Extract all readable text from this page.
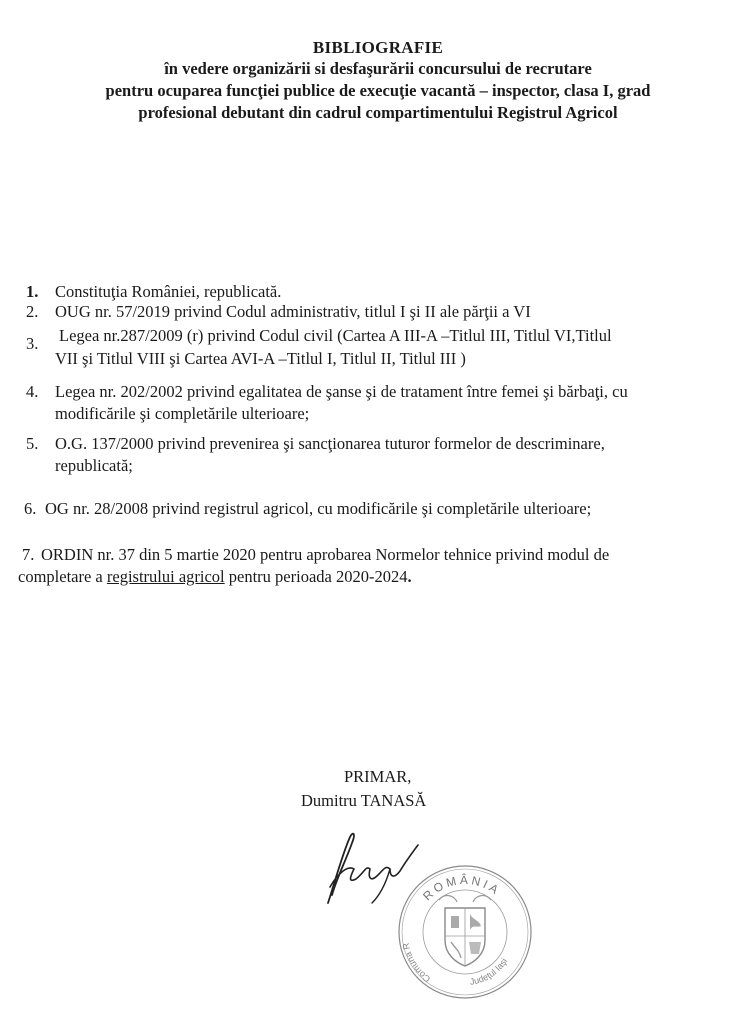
BIBLIOGRAFIE
în vedere organizării si desfaşurării concursului de recrutare
pentru ocuparea funcţiei publice de execuţie vacantă – inspector, clasa I, grad
profesional debutant din cadrul compartimentului Registrul Agricol
1. Constituţia României, republicată.
2. OUG nr. 57/2019 privind Codul administrativ, titlul I şi II ale părţii a VI
3. Legea nr.287/2009 (r) privind Codul civil (Cartea A III-A –Titlul III, Titlul VI,Titlul
VII şi Titlul VIII şi Cartea AVI-A –Titlul I, Titlul II, Titlul III )
4. Legea nr. 202/2002 privind egalitatea de şanse şi de tratament între femei şi bărbaţi, cu
modificările şi completările ulterioare;
5. O.G. 137/2000 privind prevenirea şi sancţionarea tuturor formelor de descriminare,
republicată;
6. OG nr. 28/2008 privind registrul agricol, cu modificările şi completările ulterioare;
7. ORDIN nr. 37 din 5 martie 2020 pentru aprobarea Normelor tehnice privind modul de
completare a registrului agricol pentru perioada 2020-2024.
PRIMAR,
Dumitru TANASĂ
ROMÂNIA
Comuna R
Judeţul Iaşi
